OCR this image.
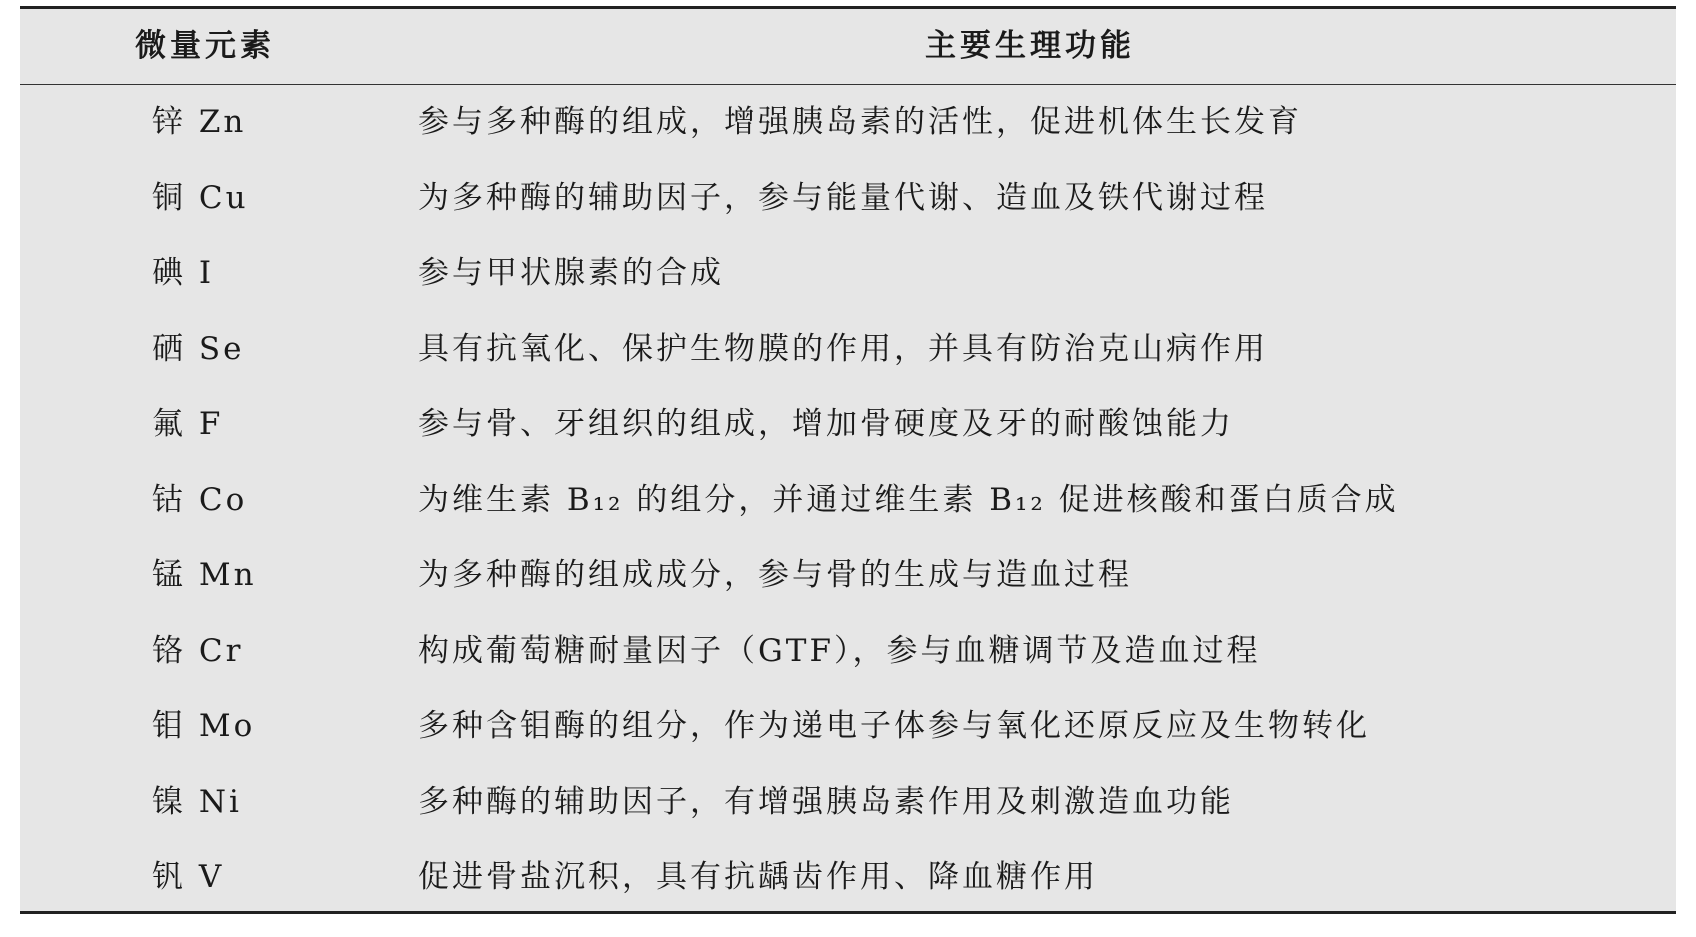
微量元素	主要生理功能
锌 Zn	参与多种酶的组成，增强胰岛素的活性，促进机体生长发育
铜 Cu	为多种酶的辅助因子，参与能量代谢、造血及铁代谢过程
碘 I	参与甲状腺素的合成
硒 Se	具有抗氧化、保护生物膜的作用，并具有防治克山病作用
氟 F	参与骨、牙组织的组成，增加骨硬度及牙的耐酸蚀能力
钴 Co	为维生素 B₁₂ 的组分，并通过维生素 B₁₂ 促进核酸和蛋白质合成
锰 Mn	为多种酶的组成成分，参与骨的生成与造血过程
铬 Cr	构成葡萄糖耐量因子（GTF），参与血糖调节及造血过程
钼 Mo	多种含钼酶的组分，作为递电子体参与氧化还原反应及生物转化
镍 Ni	多种酶的辅助因子，有增强胰岛素作用及刺激造血功能
钒 V	促进骨盐沉积，具有抗龋齿作用、降血糖作用
